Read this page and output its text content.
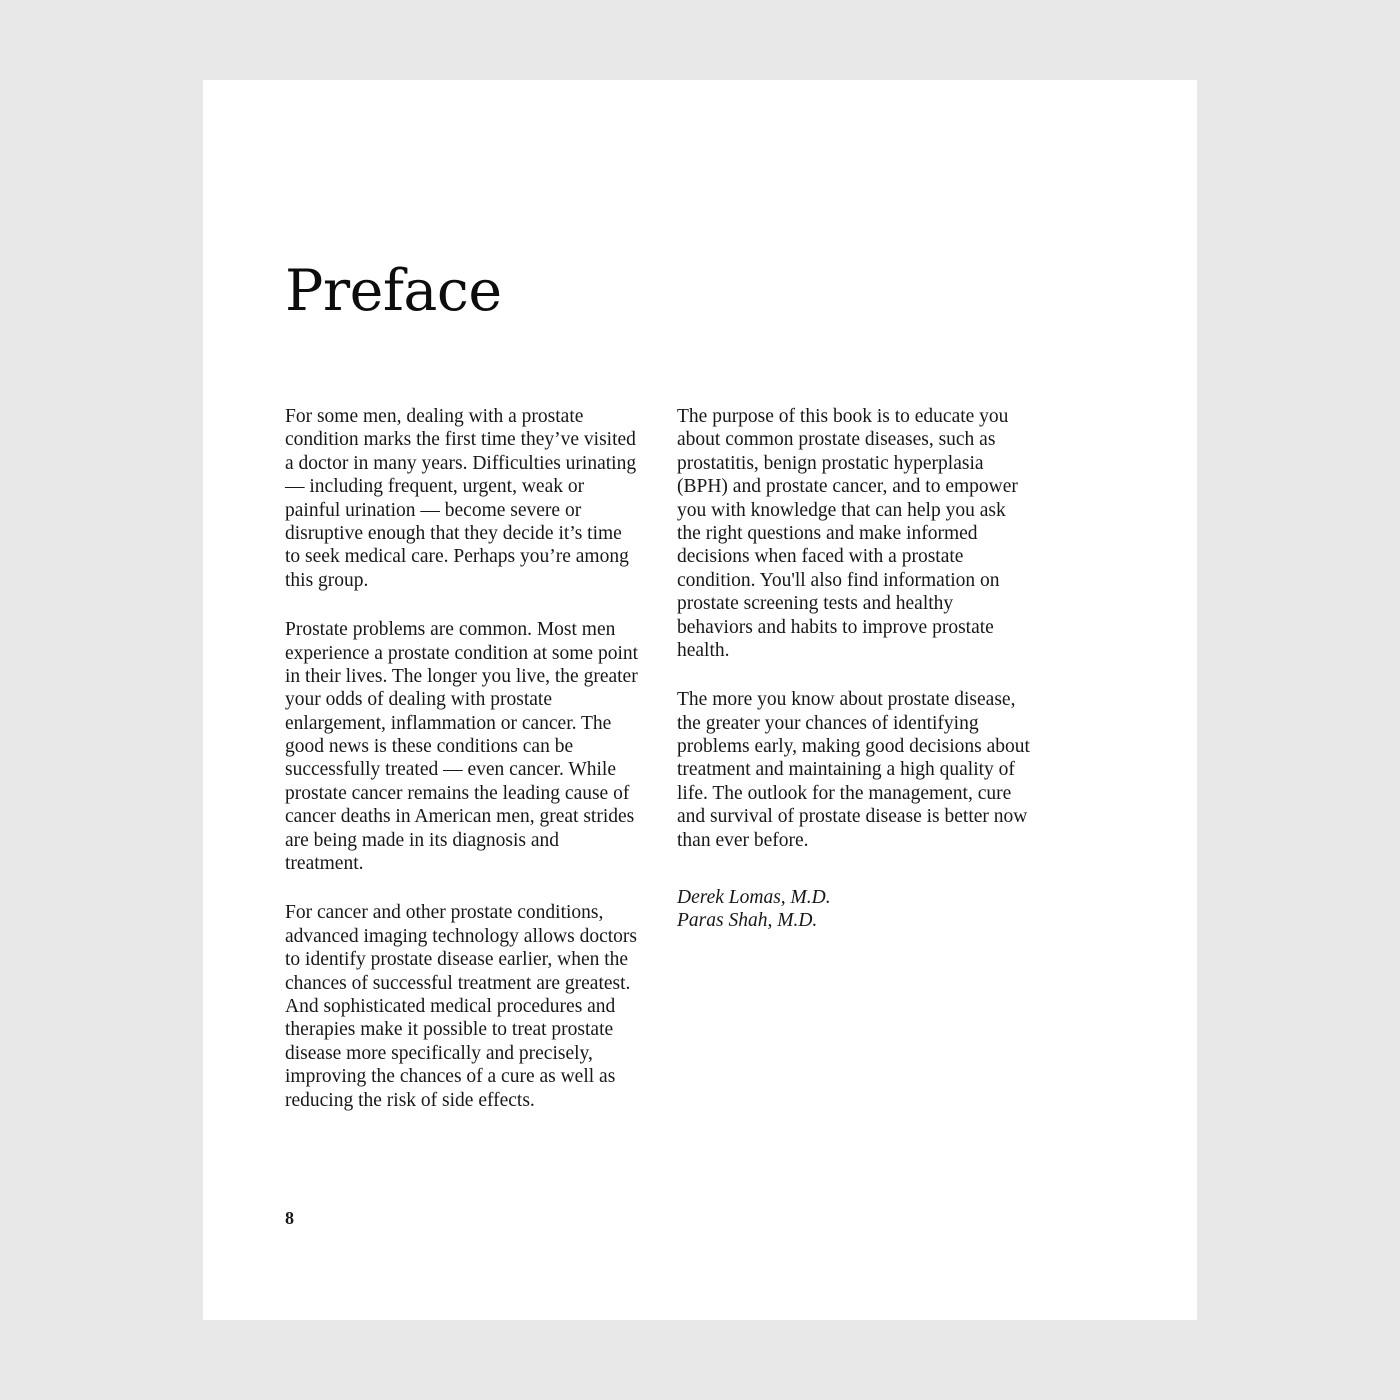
Preface

For some men, dealing with a prostate condition marks the first time they’ve visited a doctor in many years. Difficulties urinating — including frequent, urgent, weak or painful urination — become severe or disruptive enough that they decide it’s time to seek medical care. Perhaps you’re among this group.

Prostate problems are common. Most men experience a prostate condition at some point in their lives. The longer you live, the greater your odds of dealing with prostate enlargement, inflammation or cancer. The good news is these conditions can be successfully treated — even cancer. While prostate cancer remains the leading cause of cancer deaths in American men, great strides are being made in its diagnosis and treatment.

For cancer and other prostate conditions, advanced imaging technology allows doctors to identify prostate disease earlier, when the chances of successful treatment are greatest. And sophisticated medical procedures and therapies make it possible to treat prostate disease more specifically and precisely, improving the chances of a cure as well as reducing the risk of side effects.

The purpose of this book is to educate you about common prostate diseases, such as prostatitis, benign prostatic hyperplasia (BPH) and prostate cancer, and to empower you with knowledge that can help you ask the right questions and make informed decisions when faced with a prostate condition. You'll also find information on prostate screening tests and healthy behaviors and habits to improve prostate health.

The more you know about prostate disease, the greater your chances of identifying problems early, making good decisions about treatment and maintaining a high quality of life. The outlook for the management, cure and survival of prostate disease is better now than ever before.

Derek Lomas, M.D.
Paras Shah, M.D.

8
